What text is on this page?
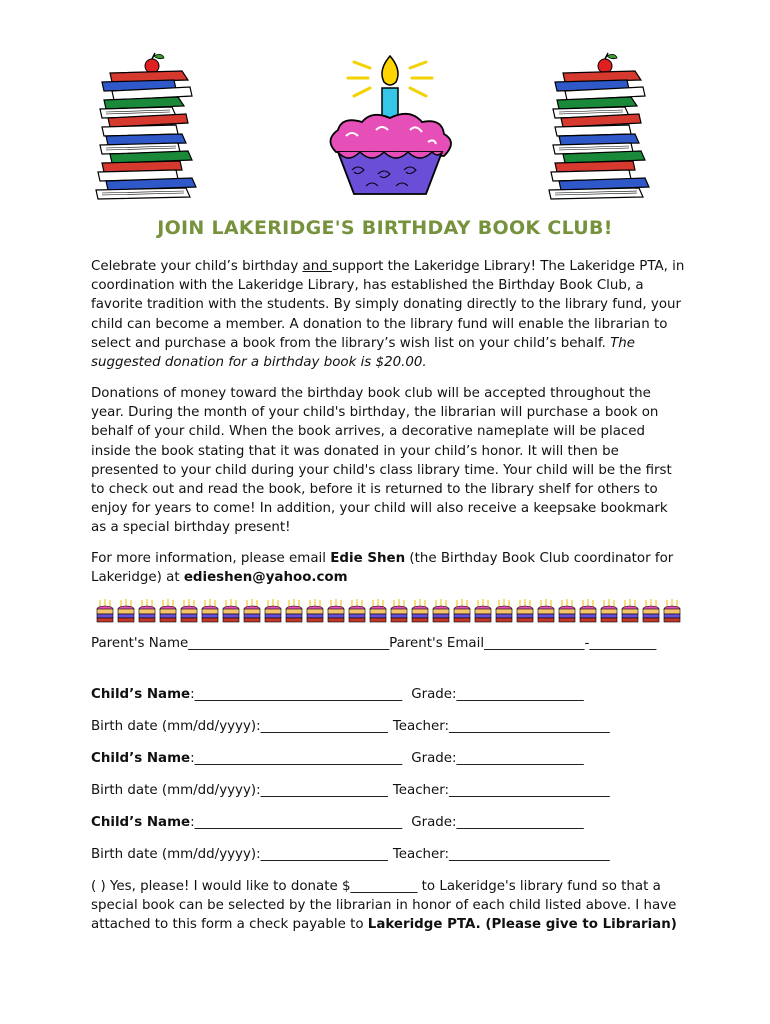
JOIN LAKERIDGE'S BIRTHDAY BOOK CLUB!
Celebrate your child’s birthday and support the Lakeridge Library! The Lakeridge PTA, in coordination with the Lakeridge Library, has established the Birthday Book Club, a favorite tradition with the students. By simply donating directly to the library fund, your child can become a member. A donation to the library fund will enable the librarian to select and purchase a book from the library’s wish list on your child’s behalf. The suggested donation for a birthday book is $20.00.
Donations of money toward the birthday book club will be accepted throughout the year. During the month of your child's birthday, the librarian will purchase a book on behalf of your child. When the book arrives, a decorative nameplate will be placed inside the book stating that it was donated in your child’s honor. It will then be presented to your child during your child's class library time. Your child will be the first to check out and read the book, before it is returned to the library shelf for others to enjoy for years to come! In addition, your child will also receive a keepsake bookmark as a special birthday present!
For more information, please email Edie Shen (the Birthday Book Club coordinator for Lakeridge) at edieshen@yahoo.com
Parent's Name______________________________Parent's Email_______________-__________
Child’s Name:_______________________________ Grade:___________________
Birth date (mm/dd/yyyy):___________________ Teacher:________________________
Child’s Name:_______________________________ Grade:___________________
Birth date (mm/dd/yyyy):___________________ Teacher:________________________
Child’s Name:_______________________________ Grade:___________________
Birth date (mm/dd/yyyy):___________________ Teacher:________________________
( ) Yes, please! I would like to donate $__________ to Lakeridge's library fund so that a special book can be selected by the librarian in honor of each child listed above. I have attached to this form a check payable to Lakeridge PTA. (Please give to Librarian)
